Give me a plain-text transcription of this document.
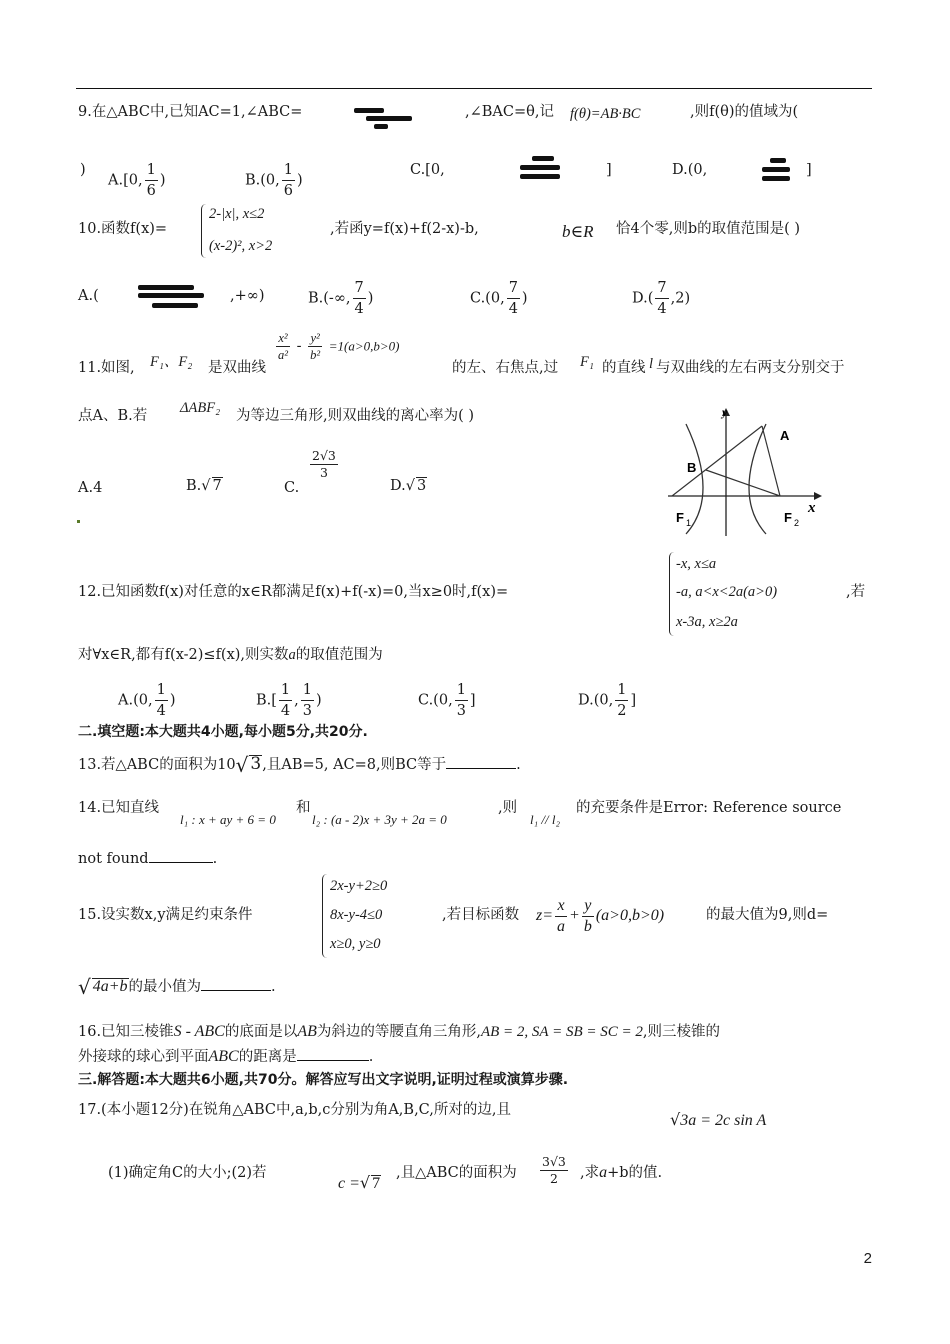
9.在△ABC中,已知AC=1,∠ABC=	,∠BAC=θ,记 f(θ)=AB·BC	,则f(θ)的值域为(
)
A.[0, $\frac{1}{6}$ )	B.(0, $\frac{1}{6}$ )
C.[0,	]	D.(0,	]
10.函数f(x)=
2-|x|, x≤2
(x-2)², x>2
,若函y=f(x)+f(2-x)-b,	b∈R 恰4个零,则b的取值范围是( )
A.(	,+∞)	B.(-∞, $\frac{7}{4}$ )	C.(0, $\frac{7}{4}$ )	$D.( \frac{7}{4} ,2)$
11.如图, F₁、F₂ 是双曲线
$\frac{\text{x²}}{\text{a²}} - \frac{\text{y²}}{\text{b²}} =1(a>0,b>0)$
的左、右焦点,过 F₁ 的直线 l 与双曲线的左右两支分别交于
点A、B.若 ΔABF₂ 为等边三角形,则双曲线的离心率为( )
A.4	B.√ 7	C.
$\frac{2√3}{3}$
D.√ 3
A
B
F 1	F 2
x
y
12.已知函数f(x)对任意的x∈R都满足f(x)+f(-x)=0,当x≥0时,f(x)=
-x, x≤a
-a, a<x<2a(a>0)
x-3a, x≥2a
,若
对∀x∈R,都有f(x-2)≤f(x),则实数a的取值范围为
A.(0, $\frac{1}{4}$ )	$B.[ \frac{1}{4}$ , $\frac{1}{3}$ )	C.(0, $\frac{1}{3}$ ]	D.(0, $\frac{1}{2}$ ]
二.填空题:本大题共4小题,每小题5分,共20分.
13.若△ABC的面积为10√ 3,且AB=5, AC=8,则BC等于	.
14.已知直线
l₁ : x + ay + 6 = 0
和
l₂ : (a - 2)x + 3y + 2a = 0
,则
l₁ // l₂
的充要条件是Error: Reference source
not found	.
15.设实数x,y满足约束条件
2x-y+2≥0
8x-y-4≤0
x≥0, y≥0
,若目标函数 $z= \frac{x}{a} + \frac{y}{b} (a>0,b>0)$	的最大值为9,则d=
√ 4a+b的最小值为	.
16.已知三棱锥S - ABC的底面是以AB为斜边的等腰直角三角形,AB = 2, SA = SB = SC = 2,则三棱锥的
外接球的球心到平面ABC的距离是	.
三.解答题:本大题共6小题,共70分。解答应写出文字说明,证明过程或演算步骤.
17.(本小题12分)在锐角△ABC中,a,b,c分别为角A,B,C,所对的边,且	√3a = 2c sin A
(1)确定角C的大小;(2)若
c =√ 7
,且△ABC的面积为 $\frac{3√3}{2}$ ,求a+b的值.
2
